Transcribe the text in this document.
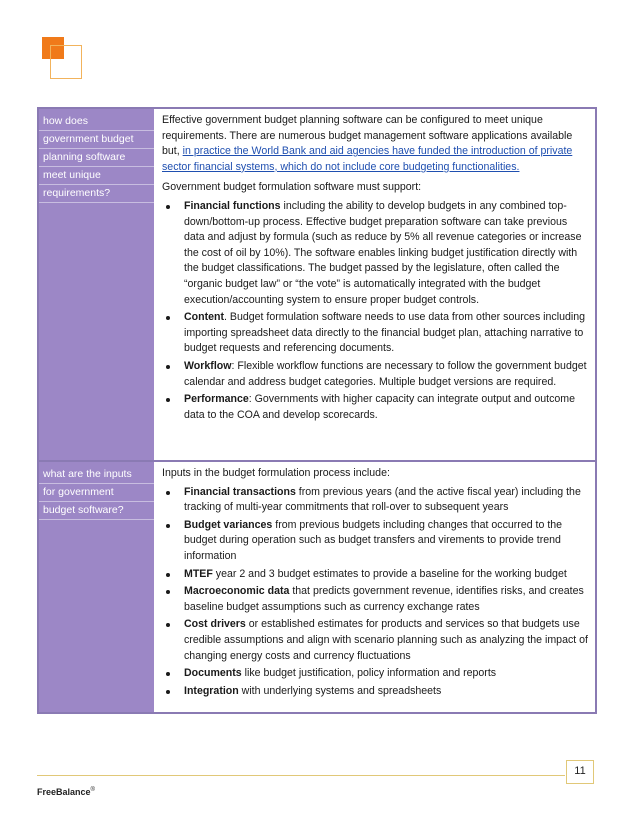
how does
government budget
planning software
meet unique
requirements?

Effective government budget planning software can be configured to meet unique requirements. There are numerous budget management software applications available but, in practice the World Bank and aid agencies have funded the introduction of private sector financial systems, which do not include core budgeting functionalities.

Government budget formulation software must support:

Financial functions including the ability to develop budgets in any combined top-down/bottom-up process. Effective budget preparation software can take previous data and adjust by formula (such as reduce by 5% all revenue categories or increase the cost of oil by 10%). The software enables linking budget justification directly with the budget classifications. The budget passed by the legislature, often called the “organic budget law” or “the vote” is automatically integrated with the budget execution/accounting system to ensure proper budget controls.
Content. Budget formulation software needs to use data from other sources including importing spreadsheet data directly to the financial budget plan, attaching narrative to budget requests and referencing documents.
Workflow: Flexible workflow functions are necessary to follow the government budget calendar and address budget categories. Multiple budget versions are required.
Performance: Governments with higher capacity can integrate output and outcome data to the COA and develop scorecards.
what are the inputs
for government
budget software?

Inputs in the budget formulation process include:

Financial transactions from previous years (and the active fiscal year) including the tracking of multi-year commitments that roll-over to subsequent years
Budget variances from previous budgets including changes that occurred to the budget during operation such as budget transfers and virements to provide trend information
MTEF year 2 and 3 budget estimates to provide a baseline for the working budget
Macroeconomic data that predicts government revenue, identifies risks, and creates baseline budget assumptions such as currency exchange rates
Cost drivers or established estimates for products and services so that budgets use credible assumptions and align with scenario planning such as analyzing the impact of changing energy costs and currency fluctuations
Documents like budget justification, policy information and reports
Integration with underlying systems and spreadsheets
11
FreeBalance®
